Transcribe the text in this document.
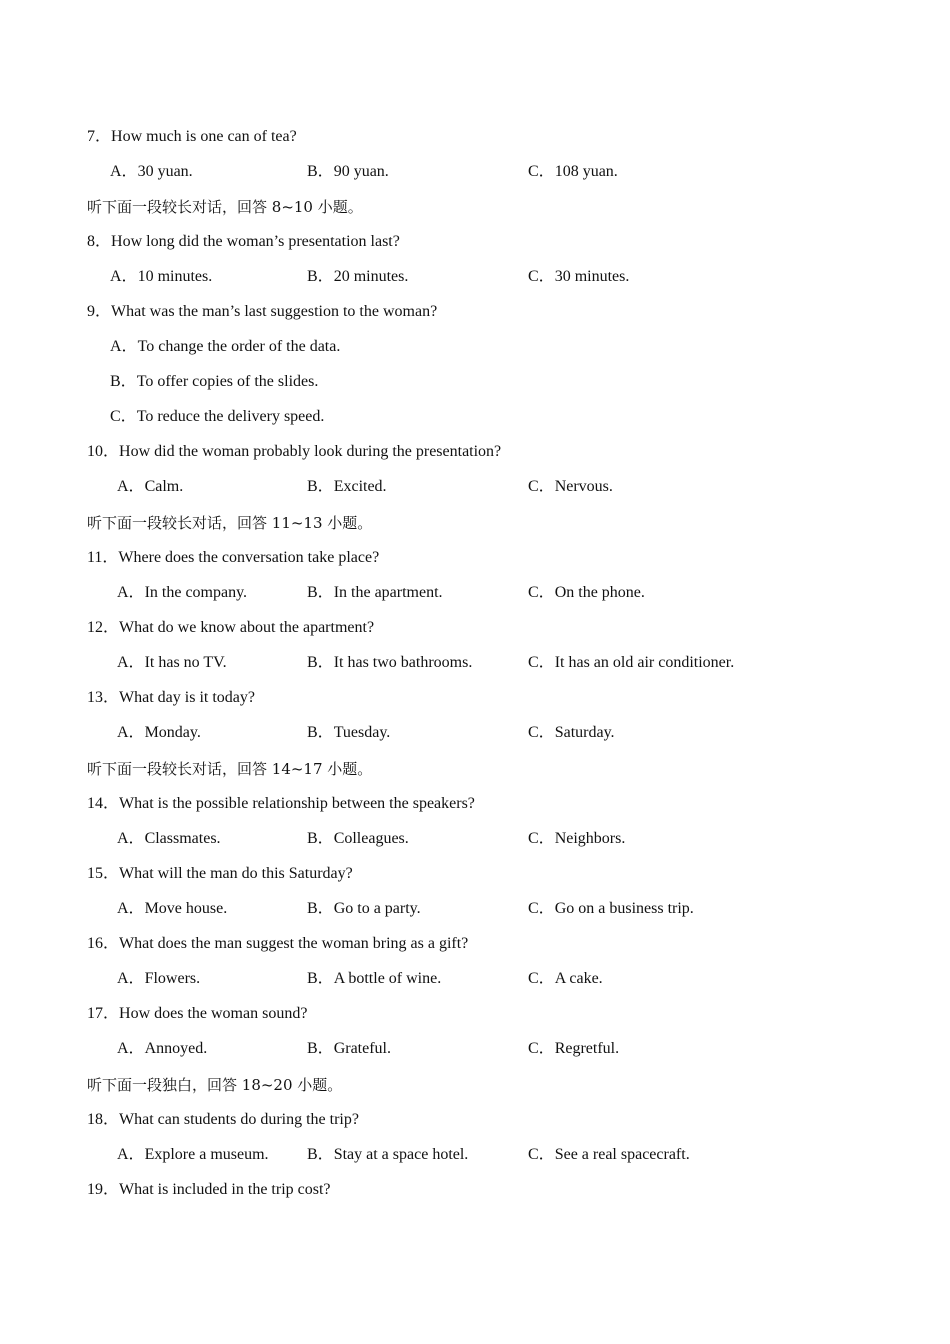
7．How much is one can of tea?
A．30 yuan.	B．90 yuan.	C．108 yuan.
听下面一段较长对话，回答 8~10 小题。
8．How long did the woman’s presentation last?
A．10 minutes.	B．20 minutes.	C．30 minutes.
9．What was the man’s last suggestion to the woman?
A．To change the order of the data.
B．To offer copies of the slides.
C．To reduce the delivery speed.
10．How did the woman probably look during the presentation?
A．Calm.	B．Excited.	C．Nervous.
听下面一段较长对话，回答 11~13 小题。
11．Where does the conversation take place?
A．In the company.	B．In the apartment.	C．On the phone.
12．What do we know about the apartment?
A．It has no TV.	B．It has two bathrooms.	C．It has an old air conditioner.
13．What day is it today?
A．Monday.	B．Tuesday.	C．Saturday.
听下面一段较长对话，回答 14~17 小题。
14．What is the possible relationship between the speakers?
A．Classmates.	B．Colleagues.	C．Neighbors.
15．What will the man do this Saturday?
A．Move house.	B．Go to a party.	C．Go on a business trip.
16．What does the man suggest the woman bring as a gift?
A．Flowers.	B．A bottle of wine.	C．A cake.
17．How does the woman sound?
A．Annoyed.	B．Grateful.	C．Regretful.
听下面一段独白，回答 18~20 小题。
18．What can students do during the trip?
A．Explore a museum. B．Stay at a space hotel.	C．See a real spacecraft.
19．What is included in the trip cost?
